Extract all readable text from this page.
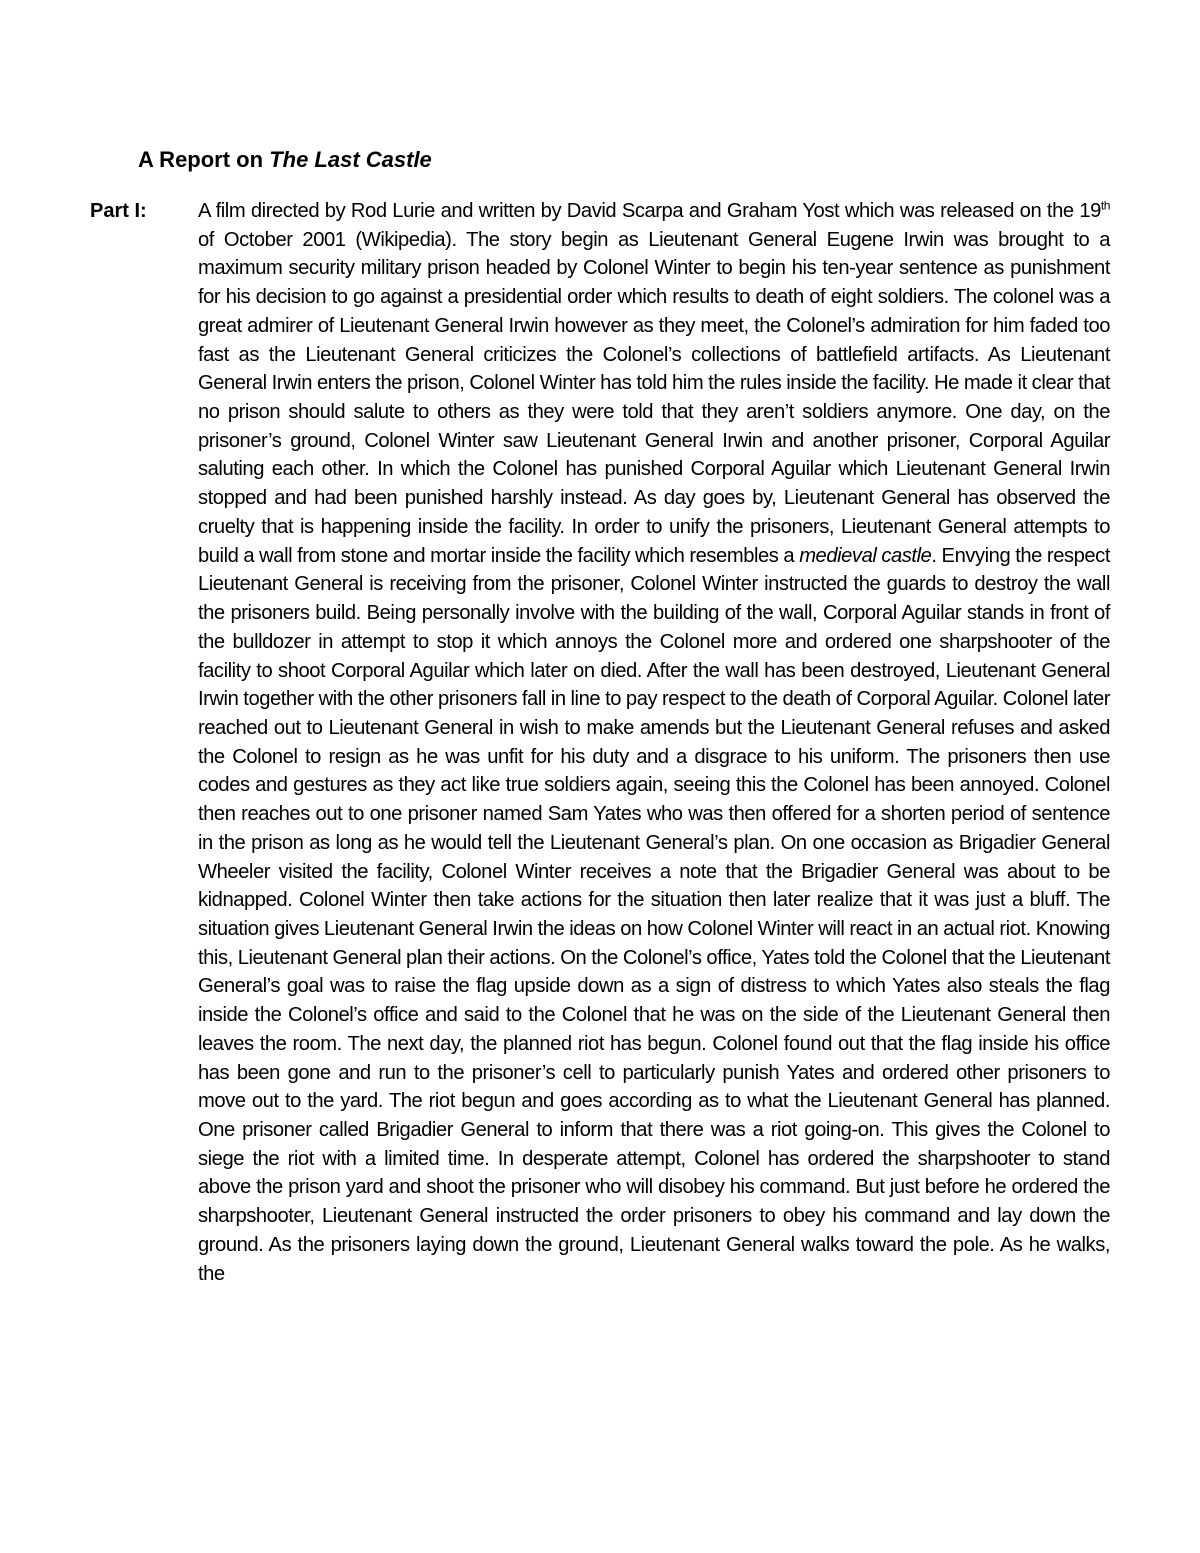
A Report on The Last Castle
Part I:	A film directed by Rod Lurie and written by David Scarpa and Graham Yost which was released on the 19th of October 2001 (Wikipedia). The story begin as Lieutenant General Eugene Irwin was brought to a maximum security military prison headed by Colonel Winter to begin his ten-year sentence as punishment for his decision to go against a presidential order which results to death of eight soldiers. The colonel was a great admirer of Lieutenant General Irwin however as they meet, the Colonel’s admiration for him faded too fast as the Lieutenant General criticizes the Colonel’s collections of battlefield artifacts. As Lieutenant General Irwin enters the prison, Colonel Winter has told him the rules inside the facility. He made it clear that no prison should salute to others as they were told that they aren’t soldiers anymore. One day, on the prisoner’s ground, Colonel Winter saw Lieutenant General Irwin and another prisoner, Corporal Aguilar saluting each other. In which the Colonel has punished Corporal Aguilar which Lieutenant General Irwin stopped and had been punished harshly instead. As day goes by, Lieutenant General has observed the cruelty that is happening inside the facility. In order to unify the prisoners, Lieutenant General attempts to build a wall from stone and mortar inside the facility which resembles a medieval castle. Envying the respect Lieutenant General is receiving from the prisoner, Colonel Winter instructed the guards to destroy the wall the prisoners build. Being personally involve with the building of the wall, Corporal Aguilar stands in front of the bulldozer in attempt to stop it which annoys the Colonel more and ordered one sharpshooter of the facility to shoot Corporal Aguilar which later on died. After the wall has been destroyed, Lieutenant General Irwin together with the other prisoners fall in line to pay respect to the death of Corporal Aguilar. Colonel later reached out to Lieutenant General in wish to make amends but the Lieutenant General refuses and asked the Colonel to resign as he was unfit for his duty and a disgrace to his uniform. The prisoners then use codes and gestures as they act like true soldiers again, seeing this the Colonel has been annoyed. Colonel then reaches out to one prisoner named Sam Yates who was then offered for a shorten period of sentence in the prison as long as he would tell the Lieutenant General’s plan. On one occasion as Brigadier General Wheeler visited the facility, Colonel Winter receives a note that the Brigadier General was about to be kidnapped. Colonel Winter then take actions for the situation then later realize that it was just a bluff. The situation gives Lieutenant General Irwin the ideas on how Colonel Winter will react in an actual riot. Knowing this, Lieutenant General plan their actions. On the Colonel’s office, Yates told the Colonel that the Lieutenant General’s goal was to raise the flag upside down as a sign of distress to which Yates also steals the flag inside the Colonel’s office and said to the Colonel that he was on the side of the Lieutenant General then leaves the room. The next day, the planned riot has begun. Colonel found out that the flag inside his office has been gone and run to the prisoner’s cell to particularly punish Yates and ordered other prisoners to move out to the yard. The riot begun and goes according as to what the Lieutenant General has planned. One prisoner called Brigadier General to inform that there was a riot going-on. This gives the Colonel to siege the riot with a limited time. In desperate attempt, Colonel has ordered the sharpshooter to stand above the prison yard and shoot the prisoner who will disobey his command. But just before he ordered the sharpshooter, Lieutenant General instructed the order prisoners to obey his command and lay down the ground. As the prisoners laying down the ground, Lieutenant General walks toward the pole. As he walks, the
